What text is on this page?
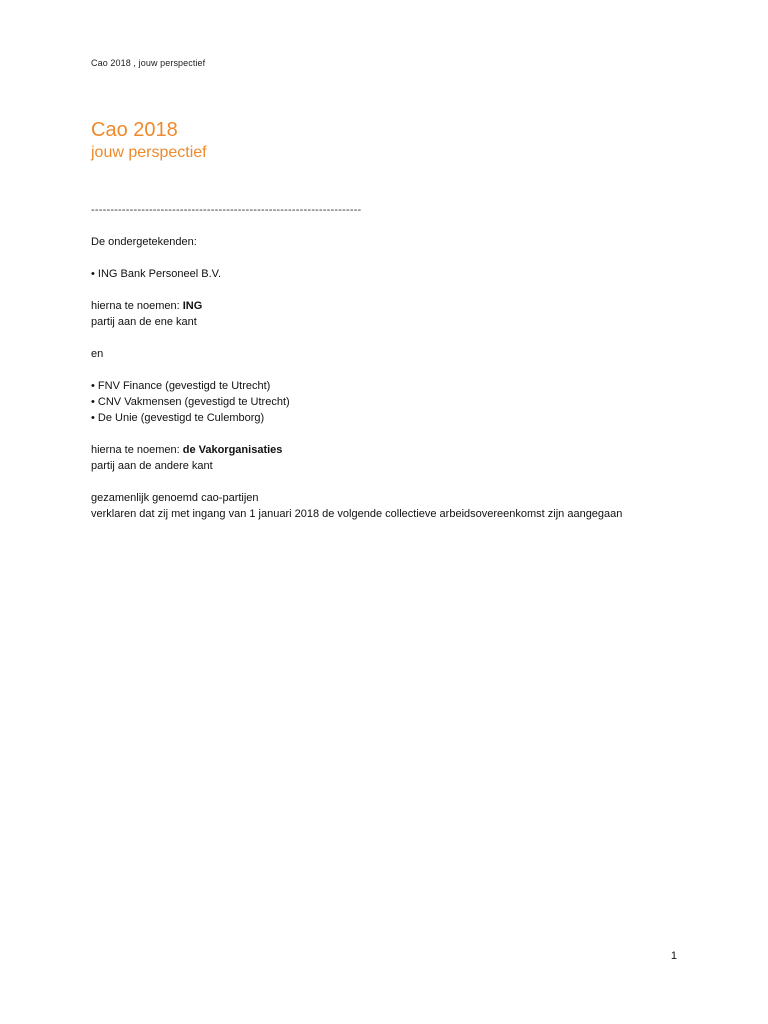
Cao 2018 , jouw perspectief

Cao 2018

jouw perspectief

----------------------------------------------------------------------

De ondergetekenden:

• ING Bank Personeel B.V.

hierna te noemen: ING

partij aan de ene kant

en

• FNV Finance (gevestigd te Utrecht)

• CNV Vakmensen (gevestigd te Utrecht)

• De Unie (gevestigd te Culemborg)

hierna te noemen: de Vakorganisaties

partij aan de andere kant

gezamenlijk genoemd cao-partijen

verklaren dat zij met ingang van 1 januari 2018 de volgende collectieve arbeidsovereenkomst zijn aangegaan

1
